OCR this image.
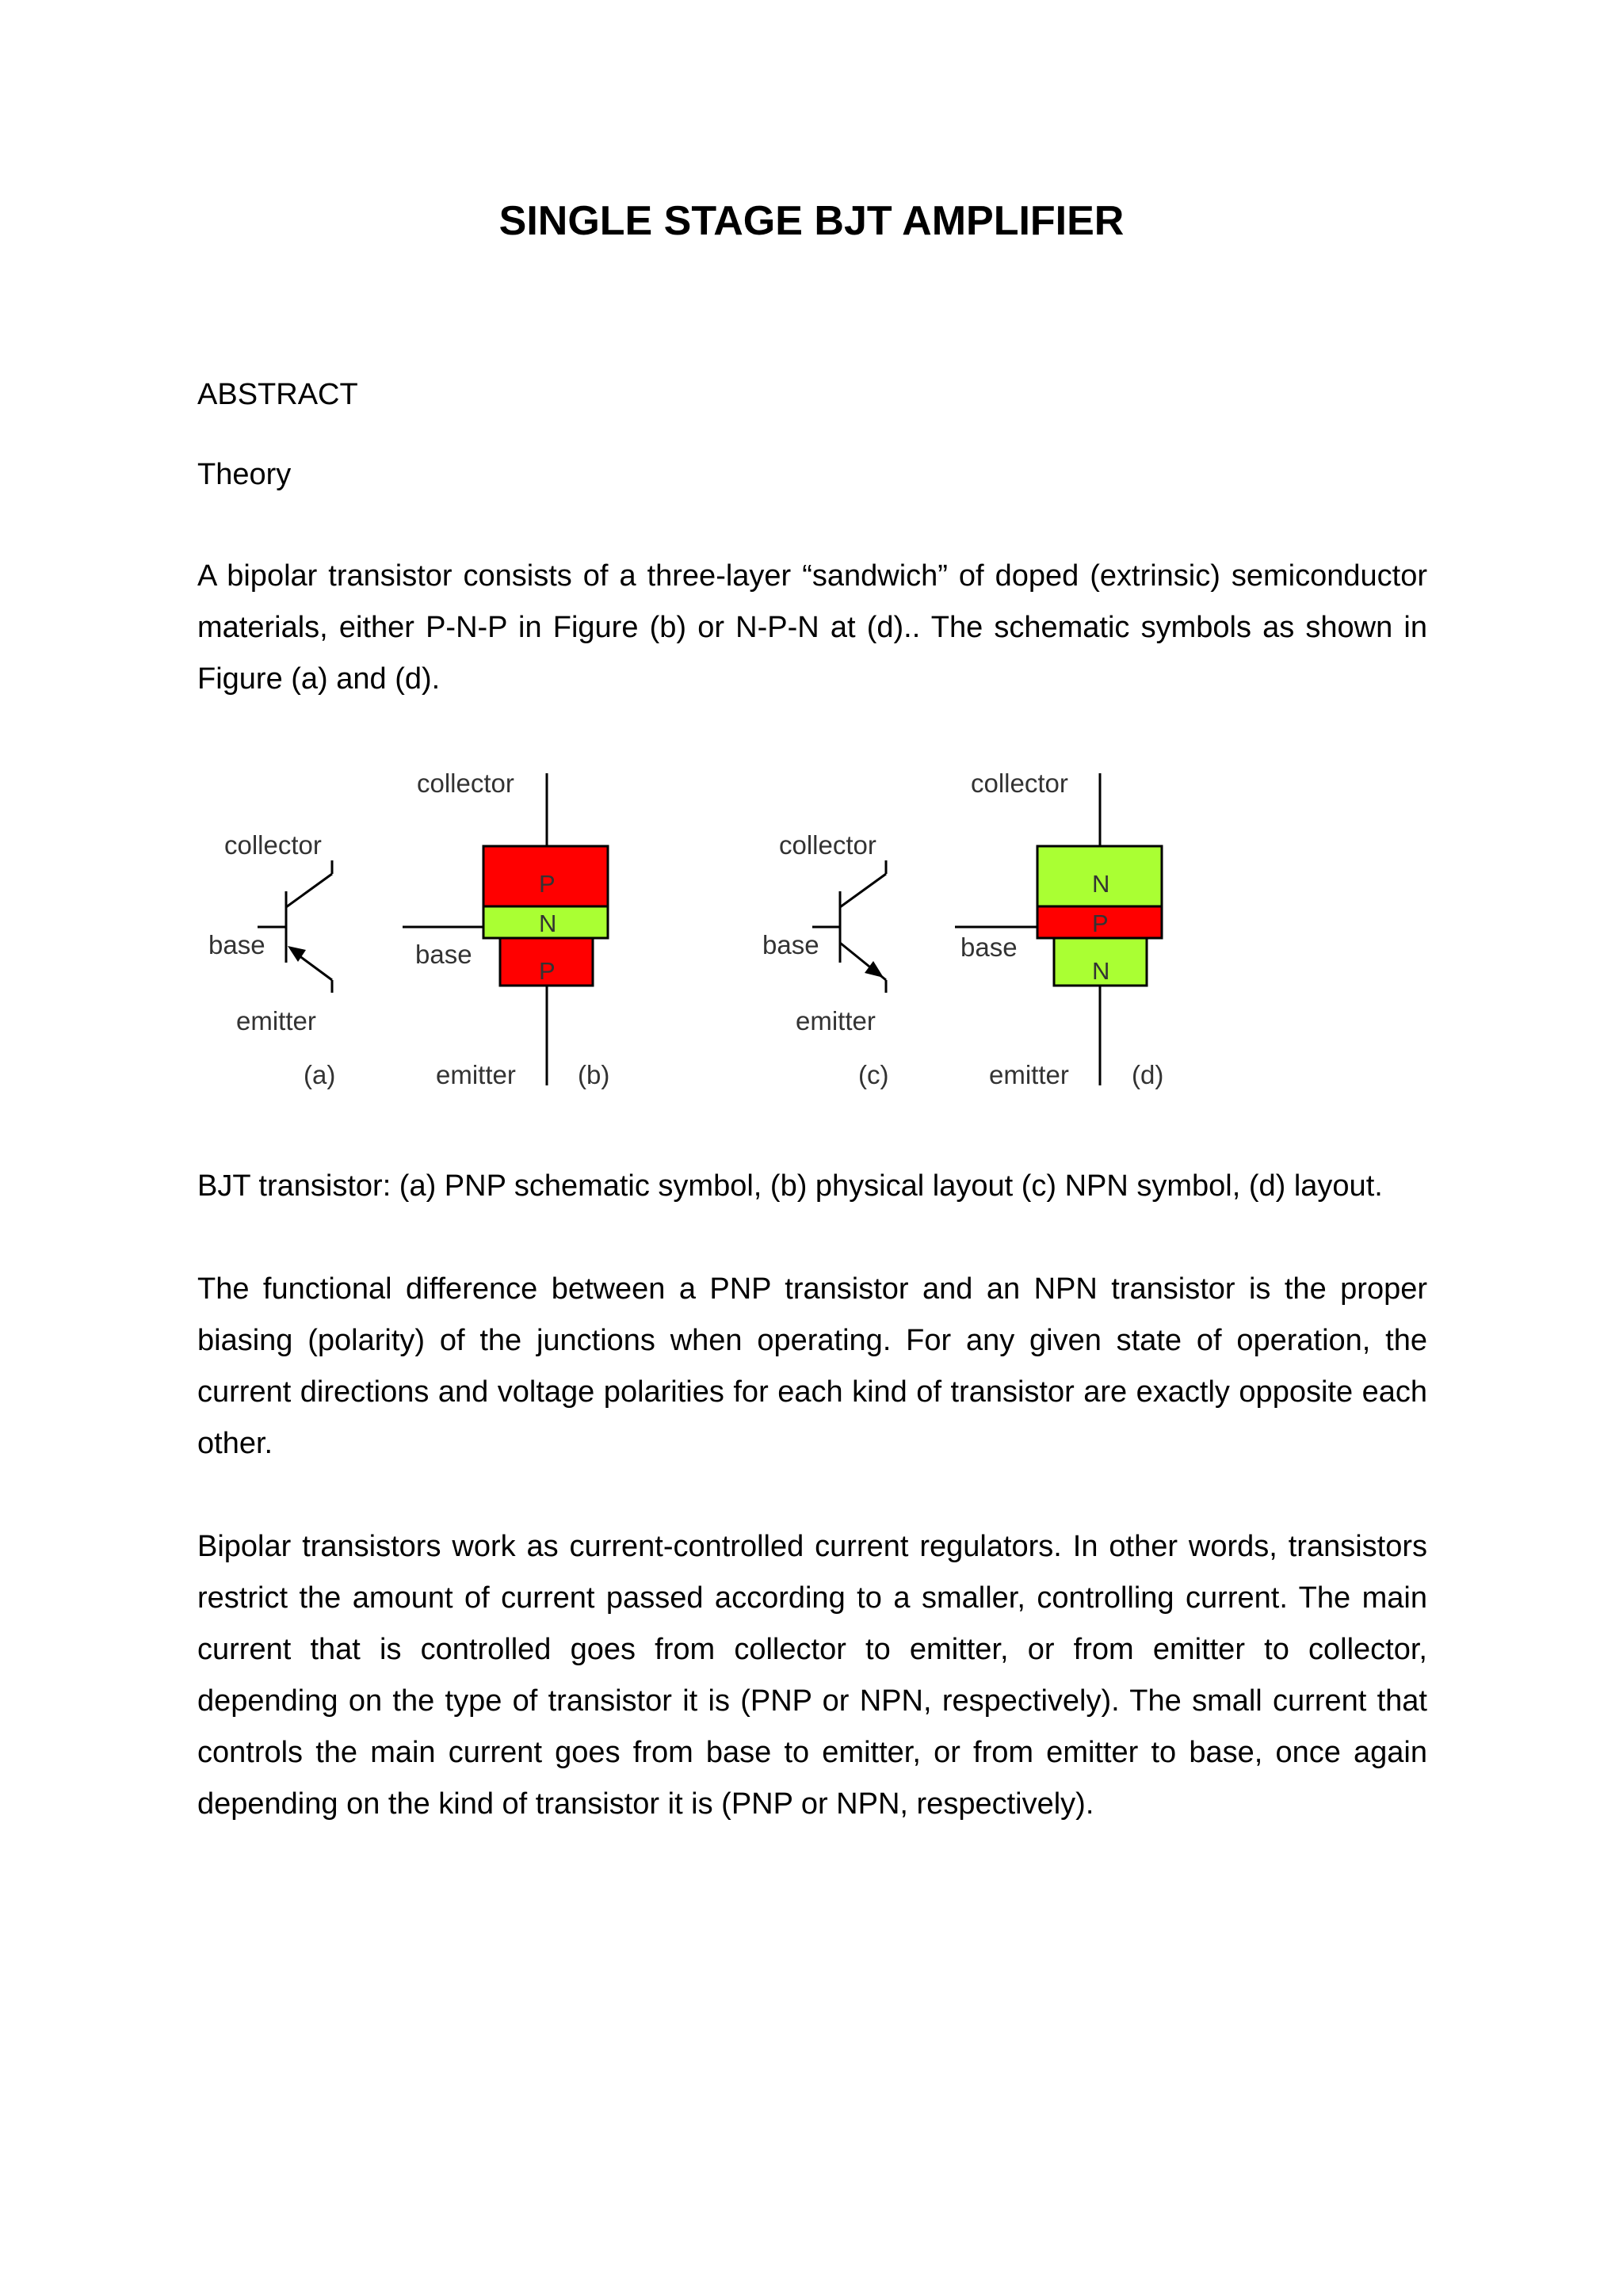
SINGLE STAGE BJT AMPLIFIER
ABSTRACT
Theory
A bipolar transistor consists of a three-layer “sandwich” of doped (extrinsic) semiconductor materials, either P-N-P in Figure (b) or N-P-N at (d).. The schematic symbols as shown in Figure (a) and (d).
collector
base
emitter
(a)
P
N
P
collector
base
emitter (b)
collector
base
emitter
(c)
N
P
N
collector
base
emitter (d)
BJT transistor: (a) PNP schematic symbol, (b) physical layout (c) NPN symbol, (d) layout.
The functional difference between a PNP transistor and an NPN transistor is the proper biasing (polarity) of the junctions when operating. For any given state of operation, the current directions and voltage polarities for each kind of transistor are exactly opposite each other.
Bipolar transistors work as current-controlled current regulators. In other words, transistors restrict the amount of current passed according to a smaller, controlling current. The main current that is controlled goes from collector to emitter, or from emitter to collector, depending on the type of transistor it is (PNP or NPN, respectively). The small current that controls the main current goes from base to emitter, or from emitter to base, once again depending on the kind of transistor it is (PNP or NPN, respectively).
